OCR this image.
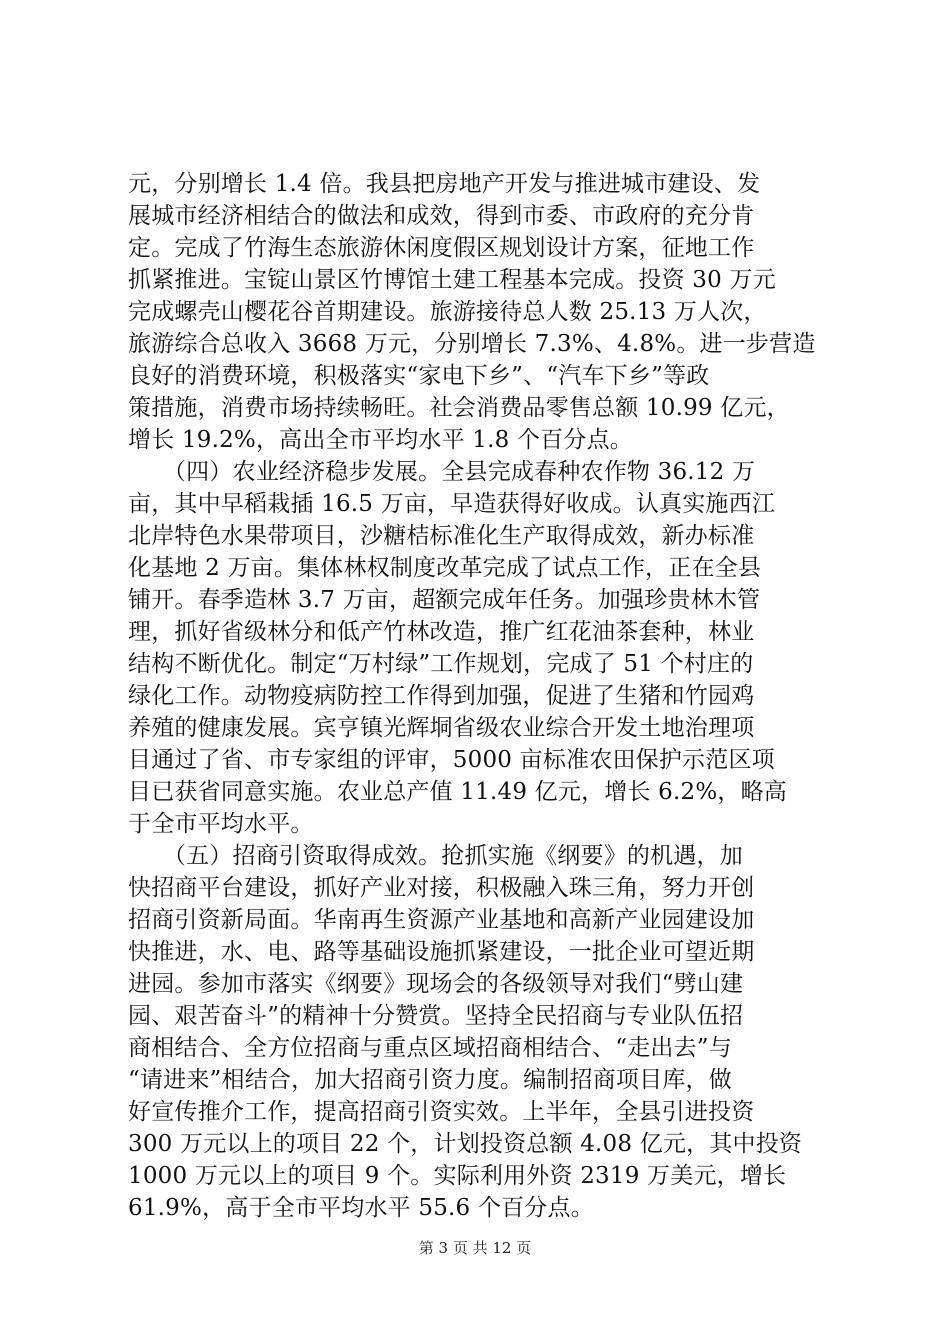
元，分别增长 1.4 倍。我县把房地产开发与推进城市建设、发
展城市经济相结合的做法和成效，得到市委、市政府的充分肯
定。完成了竹海生态旅游休闲度假区规划设计方案，征地工作
抓紧推进。宝锭山景区竹博馆土建工程基本完成。投资 30 万元
完成螺壳山樱花谷首期建设。旅游接待总人数 25.13 万人次，
旅游综合总收入 3668 万元，分别增长 7.3%、4.8%。进一步营造
良好的消费环境，积极落实“家电下乡”、“汽车下乡”等政
策措施，消费市场持续畅旺。社会消费品零售总额 10.99 亿元，
增长 19.2%，高出全市平均水平 1.8 个百分点。
　　（四）农业经济稳步发展。全县完成春种农作物 36.12 万
亩，其中早稻栽插 16.5 万亩，早造获得好收成。认真实施西江
北岸特色水果带项目，沙糖桔标准化生产取得成效，新办标准
化基地 2 万亩。集体林权制度改革完成了试点工作，正在全县
铺开。春季造林 3.7 万亩，超额完成年任务。加强珍贵林木管
理，抓好省级林分和低产竹林改造，推广红花油茶套种，林业
结构不断优化。制定“万村绿”工作规划，完成了 51 个村庄的
绿化工作。动物疫病防控工作得到加强，促进了生猪和竹园鸡
养殖的健康发展。宾亨镇光辉垌省级农业综合开发土地治理项
目通过了省、市专家组的评审，5000 亩标准农田保护示范区项
目已获省同意实施。农业总产值 11.49 亿元，增长 6.2%，略高
于全市平均水平。
　　（五）招商引资取得成效。抢抓实施《纲要》的机遇，加
快招商平台建设，抓好产业对接，积极融入珠三角，努力开创
招商引资新局面。华南再生资源产业基地和高新产业园建设加
快推进，水、电、路等基础设施抓紧建设，一批企业可望近期
进园。参加市落实《纲要》现场会的各级领导对我们“劈山建
园、艰苦奋斗”的精神十分赞赏。坚持全民招商与专业队伍招
商相结合、全方位招商与重点区域招商相结合、“走出去”与
“请进来”相结合，加大招商引资力度。编制招商项目库，做
好宣传推介工作，提高招商引资实效。上半年，全县引进投资
300 万元以上的项目 22 个，计划投资总额 4.08 亿元，其中投资
1000 万元以上的项目 9 个。实际利用外资 2319 万美元，增长
61.9%，高于全市平均水平 55.6 个百分点。
第 3 页 共 12 页
